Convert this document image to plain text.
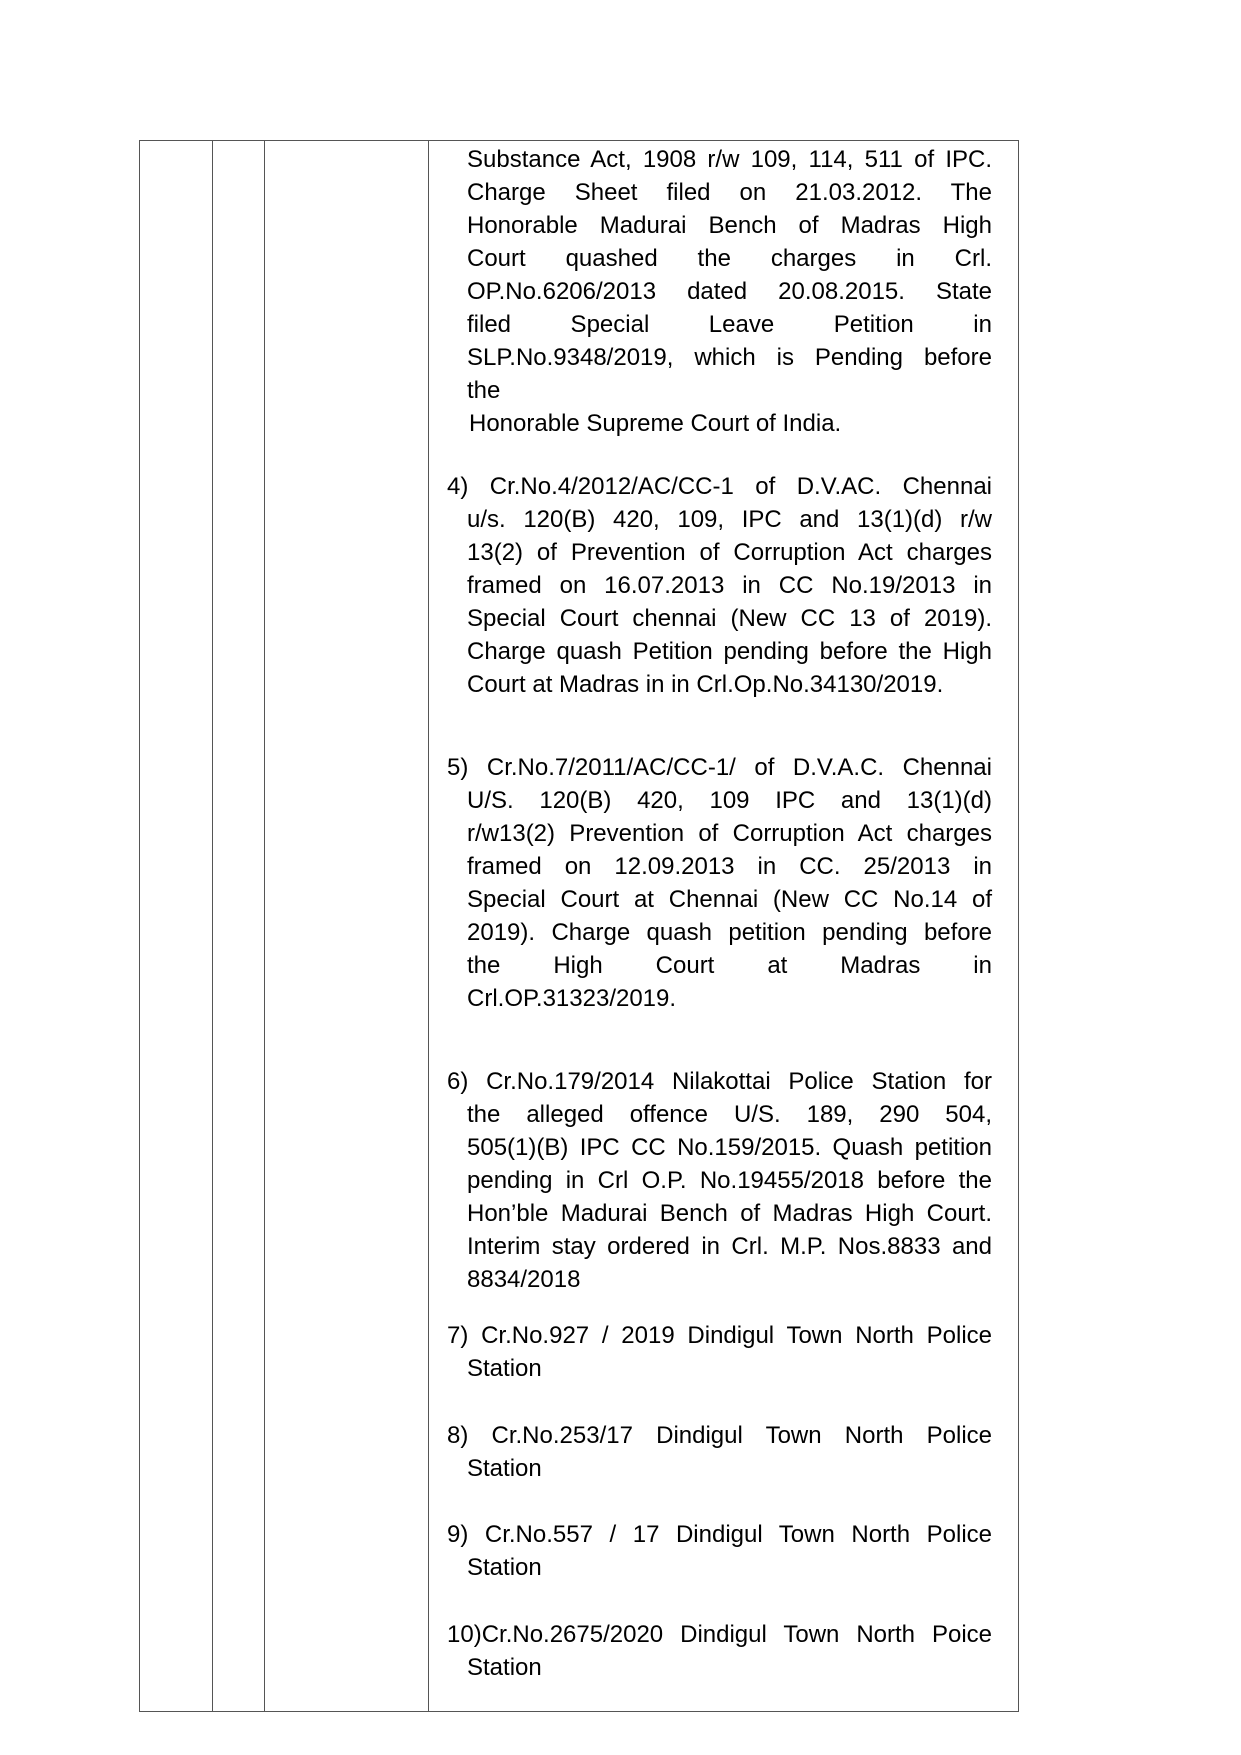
Substance Act, 1908 r/w 109, 114, 511 of IPC.

Charge Sheet filed on 21.03.2012. The

Honorable Madurai Bench of Madras High

Court quashed the charges in Crl.

OP.No.6206/2013 dated 20.08.2015. State

filed Special Leave Petition in

SLP.No.9348/2019, which is Pending before

the

Honorable Supreme Court of India.

4) Cr.No.4/2012/AC/CC-1 of D.V.AC. Chennai

u/s. 120(B) 420, 109, IPC and 13(1)(d) r/w

13(2) of Prevention of Corruption Act charges

framed on 16.07.2013 in CC No.19/2013 in

Special Court chennai (New CC 13 of 2019).

Charge quash Petition pending before the High

Court at Madras in in Crl.Op.No.34130/2019.

5) Cr.No.7/2011/AC/CC-1/ of D.V.A.C. Chennai

U/S. 120(B) 420, 109 IPC and 13(1)(d)

r/w13(2) Prevention of Corruption Act charges

framed on 12.09.2013 in CC. 25/2013 in

Special Court at Chennai (New CC No.14 of

2019). Charge quash petition pending before

the High Court at Madras in

Crl.OP.31323/2019.

6) Cr.No.179/2014 Nilakottai Police Station for

the alleged offence U/S. 189, 290 504,

505(1)(B) IPC CC No.159/2015. Quash petition

pending in Crl O.P. No.19455/2018 before the

Hon’ble Madurai Bench of Madras High Court.

Interim stay ordered in Crl. M.P. Nos.8833 and

8834/2018

7) Cr.No.927 / 2019 Dindigul Town North Police

Station

8) Cr.No.253/17 Dindigul Town North Police

Station

9) Cr.No.557 / 17 Dindigul Town North Police

Station

10)Cr.No.2675/2020 Dindigul Town North Poice

Station
